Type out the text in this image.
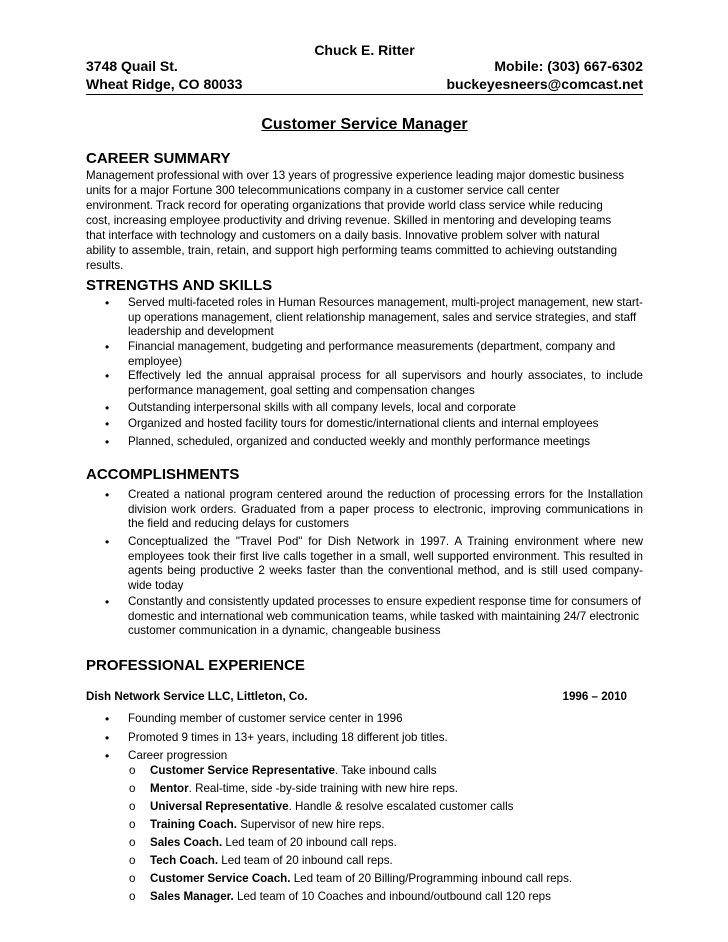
Chuck E. Ritter
3748 Quail St.	Mobile: (303) 667-6302
Wheat Ridge, CO 80033	buckeyesneers@comcast.net
Customer Service Manager
CAREER SUMMARY
Management professional with over 13 years of progressive experience leading major domestic business
units for a major Fortune 300 telecommunications company in a customer service call center
environment. Track record for operating organizations that provide world class service while reducing
cost, increasing employee productivity and driving revenue. Skilled in mentoring and developing teams
that interface with technology and customers on a daily basis. Innovative problem solver with natural
ability to assemble, train, retain, and support high performing teams committed to achieving outstanding
results.
STRENGTHS AND SKILLS
• Served multi-faceted roles in Human Resources management, multi-project management, new start-up operations management, client relationship management, sales and service strategies, and staff leadership and development
• Financial management, budgeting and performance measurements (department, company and employee)
• Effectively led the annual appraisal process for all supervisors and hourly associates, to include performance management, goal setting and compensation changes
• Outstanding interpersonal skills with all company levels, local and corporate
• Organized and hosted facility tours for domestic/international clients and internal employees
• Planned, scheduled, organized and conducted weekly and monthly performance meetings
ACCOMPLISHMENTS
• Created a national program centered around the reduction of processing errors for the Installation division work orders. Graduated from a paper process to electronic, improving communications in the field and reducing delays for customers
• Conceptualized the "Travel Pod" for Dish Network in 1997. A Training environment where new employees took their first live calls together in a small, well supported environment. This resulted in agents being productive 2 weeks faster than the conventional method, and is still used company-wide today
• Constantly and consistently updated processes to ensure expedient response time for consumers of domestic and international web communication teams, while tasked with maintaining 24/7 electronic customer communication in a dynamic, changeable business
PROFESSIONAL EXPERIENCE
Dish Network Service LLC, Littleton, Co.	1996 – 2010
• Founding member of customer service center in 1996
• Promoted 9 times in 13+ years, including 18 different job titles.
• Career progression
o Customer Service Representative. Take inbound calls
o Mentor. Real-time, side -by-side training with new hire reps.
o Universal Representative. Handle & resolve escalated customer calls
o Training Coach. Supervisor of new hire reps.
o Sales Coach. Led team of 20 inbound call reps.
o Tech Coach. Led team of 20 inbound call reps.
o Customer Service Coach. Led team of 20 Billing/Programming inbound call reps.
o Sales Manager. Led team of 10 Coaches and inbound/outbound call 120 reps
